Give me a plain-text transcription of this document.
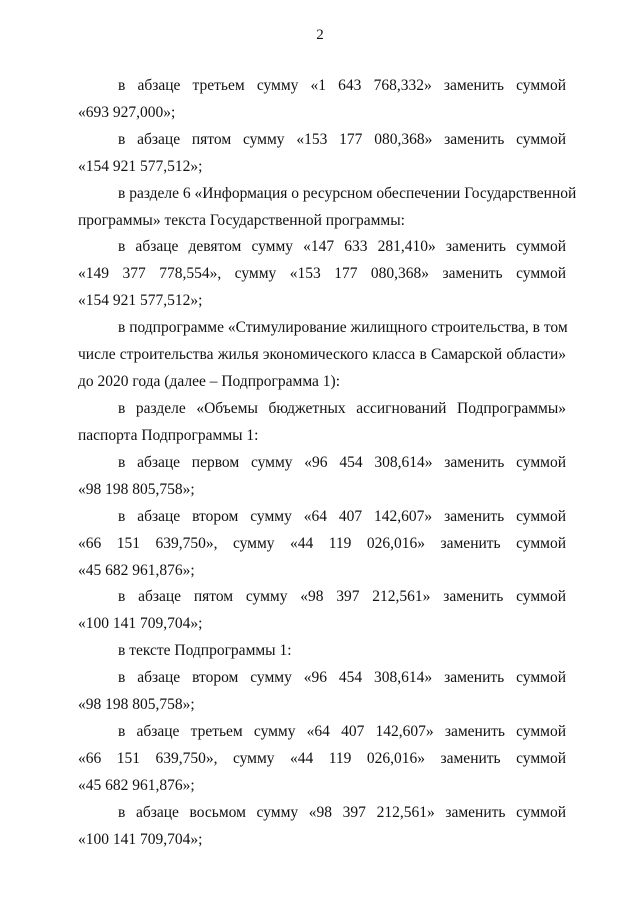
2
в абзаце третьем сумму «1 643 768,332» заменить суммой
«693 927,000»;
в абзаце пятом сумму «153 177 080,368» заменить суммой
«154 921 577,512»;
в разделе 6 «Информация о ресурсном обеспечении Государственной
программы» текста Государственной программы:
в абзаце девятом сумму «147 633 281,410» заменить суммой
«149 377 778,554», сумму «153 177 080,368» заменить суммой
«154 921 577,512»;
в подпрограмме «Стимулирование жилищного строительства, в том
числе строительства жилья экономического класса в Самарской области»
до 2020 года (далее – Подпрограмма 1):
в разделе «Объемы бюджетных ассигнований Подпрограммы»
паспорта Подпрограммы 1:
в абзаце первом сумму «96 454 308,614» заменить суммой
«98 198 805,758»;
в абзаце втором сумму «64 407 142,607» заменить суммой
«66 151 639,750», сумму «44 119 026,016» заменить суммой
«45 682 961,876»;
в абзаце пятом сумму «98 397 212,561» заменить суммой
«100 141 709,704»;
в тексте Подпрограммы 1:
в абзаце втором сумму «96 454 308,614» заменить суммой
«98 198 805,758»;
в абзаце третьем сумму «64 407 142,607» заменить суммой
«66 151 639,750», сумму «44 119 026,016» заменить суммой
«45 682 961,876»;
в абзаце восьмом сумму «98 397 212,561» заменить суммой
«100 141 709,704»;
